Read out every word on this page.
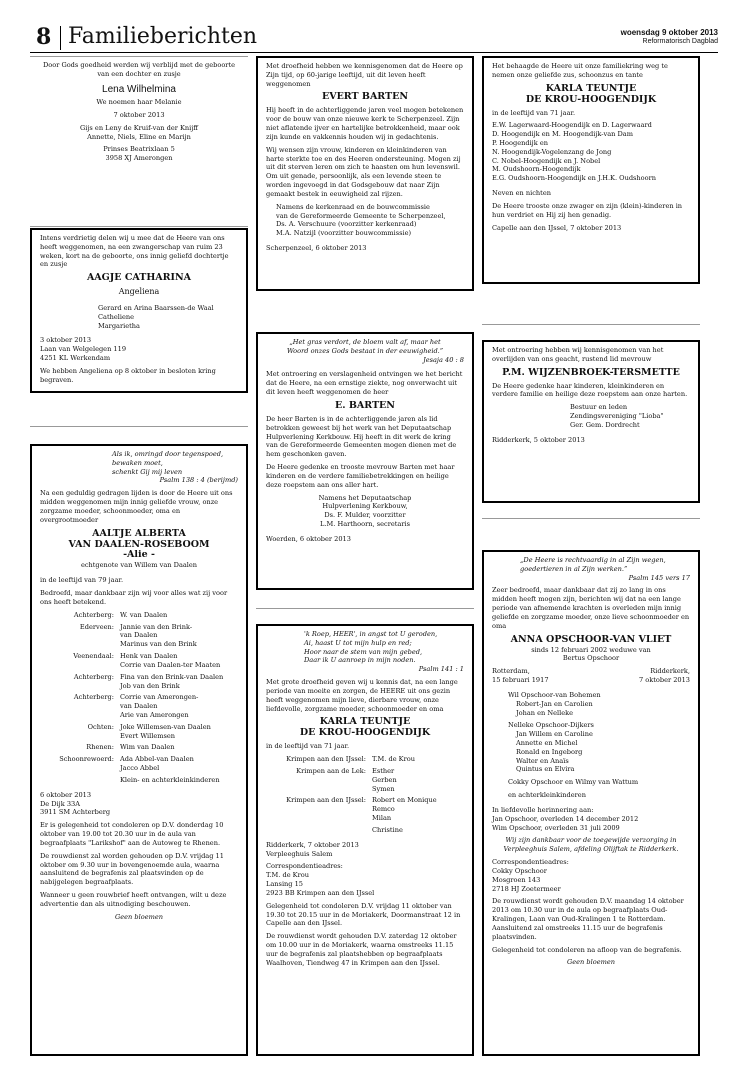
8 Familieberichten	woensdag 9 oktober 2013
Reformatorisch Dagblad

Door Gods goedheid werden wij verblijd met de geboorte van een dochter en zusje

Lena Wilhelmina

We noemen haar Melanie

7 oktober 2013

Gijs en Leny de Kruif-van der Knijff

Annette, Niels, Eline en Marijn

Prinses Beatrixlaan 5

3958 XJ Amerongen

Intens verdrietig delen wij u mee dat de Heere van ons heeft weggenomen, na een zwangerschap van ruim 23 weken, kort na de geboorte, ons innig geliefd dochtertje en zusje

AAGJE CATHARINA
Angeliena
Gerard en Arina Baarssen-de Waal
Catheliene
Margarietha
3 oktober 2013
Laan van Welgelegen 119

4251 KL Werkendam

We hebben Angeliena op 8 oktober in besloten kring begraven.

Als ik, omringd door tegenspoed,
bewaken moet,
schenkt Gij mij leven
Psalm 138 : 4 (berijmd)

Na een geduldig gedragen lijden is door de Heere uit ons midden weggenomen mijn innig geliefde vrouw, onze zorgzame moeder, schoonmoeder, oma en overgrootmoeder

AALTJE ALBERTA
VAN DAALEN-ROSEBOOM
-Alie -

echtgenote van Willem van Daalen

in de leeftijd van 79 jaar.

Bedroefd, maar dankbaar zijn wij voor alles wat zij voor ons heeft betekend.

Achterberg: W. van Daalen
Ederveen: Jannie van den Brink-
van Daalen
Marinus van den Brink
Veenendaal: Henk van Daalen
Corrie van Daalen-ter Maaten
Achterberg: Fina van den Brink-van Daalen
Job van den Brink
Achterberg: Corrie van Amerongen-
van Daalen
Arie van Amerongen
Ochten: Joke Willemsen-van Daalen
Evert Willemsen
Rhenen: Wim van Daalen
Schoonrewoerd: Ada Abbel-van Daalen
Jacco Abbel
Klein- en achterkleinkinderen
6 oktober 2013
De Dijk 33A

3911 SM Achterberg

Er is gelegenheid tot condoleren op D.V. donderdag 10 oktober van 19.00 tot 20.30 uur in de aula van begraafplaats "Larikshof" aan de Autoweg te Rhenen.

De rouwdienst zal worden gehouden op D.V. vrijdag 11 oktober om 9.30 uur in bovengenoemde aula, waarna aansluitend de begrafenis zal plaatsvinden op de nabijgelegen begraafplaats.

Wanneer u geen rouwbrief heeft ontvangen, wilt u deze advertentie dan als uitnodiging beschouwen.

Geen bloemen

Met droefheid hebben we kennisgenomen dat de Heere op Zijn tijd, op 60-jarige leeftijd, uit dit leven heeft weggenomen

EVERT BARTEN

Hij heeft in de achterliggende jaren veel mogen betekenen voor de bouw van onze nieuwe kerk te Scherpenzeel. Zijn niet aflatende ijver en hartelijke betrokkenheid, maar ook zijn kunde en vakkennis houden wij in gedachtenis.

Wij wensen zijn vrouw, kinderen en kleinkinderen van harte sterkte toe en des Heeren ondersteuning. Mogen zij uit dit sterven leren om zich te haasten om hun levenswil. Om uit genade, persoonlijk, als een levende steen te worden ingevoegd in dat Godsgebouw dat naar Zijn gemaakt bestek in eeuwigheid zal rijzen.

Namens de kerkenraad en de bouwcommissie
van de Gereformeerde Gemeente te Scherpenzeel,
Ds. A. Verschuure (voorzitter kerkenraad)
M.A. Natzijl (voorzitter bouwcommissie)

Scherpenzeel, 6 oktober 2013

„Het gras verdort, de bloem valt af, maar het
Woord onzes Gods bestaat in der eeuwigheid.”
Jesaja 40 : 8

Met ontroering en verslagenheid ontvingen we het bericht dat de Heere, na een ernstige ziekte, nog onverwacht uit dit leven heeft weggenomen de heer

E. BARTEN

De heer Barten is in de achterliggende jaren als lid betrokken geweest bij het werk van het Deputaatschap Hulpverlening Kerkbouw. Hij heeft in dit werk de kring van de Gereformeerde Gemeenten mogen dienen met de hem geschonken gaven.

De Heere gedenke en trooste mevrouw Barten met haar kinderen en de verdere familiebetrekkingen en heilige deze roepstem aan ons aller hart.

Namens het Deputaatschap
Hulpverlening Kerkbouw,
Ds. F. Mulder, voorzitter
L.M. Harthoorn, secretaris

Woerden, 6 oktober 2013

'k Roep, HEER', in angst tot U geroden,
Ai, haast U tot mijn hulp en red;
Hoor naar de stem van mijn gebed,
Daar ik U aanroep in mijn noden.
Psalm 141 : 1

Met grote droefheid geven wij u kennis dat, na een lange periode van moeite en zorgen, de HEERE uit ons gezin heeft weggenomen mijn lieve, dierbare vrouw, onze liefdevolle, zorgzame moeder, schoonmoeder en oma

KARLA TEUNTJE
DE KROU-HOOGENDIJK

in de leeftijd van 71 jaar.

Krimpen aan den IJssel: T.M. de Krou
Krimpen aan de Lek: Esther
Gerben
Symen
Krimpen aan den IJssel: Robert en Monique
Remco
Milan
Christine
Ridderkerk, 7 oktober 2013

Verpleeghuis Salem

Correspondentieadres:
T.M. de Krou
Lansing 15

2923 BB Krimpen aan den IJssel

Gelegenheid tot condoleren D.V. vrijdag 11 oktober van 19.30 tot 20.15 uur in de Moriakerk, Doormanstraat 12 in Capelle aan den IJssel.

De rouwdienst wordt gehouden D.V. zaterdag 12 oktober om 10.00 uur in de Moriakerk, waarna omstreeks 11.15 uur de begrafenis zal plaatshebben op begraafplaats Waalhoven, Tiendweg 47 in Krimpen aan den IJssel.

Het behaagde de Heere uit onze familiekring weg te nemen onze geliefde zus, schoonzus en tante

KARLA TEUNTJE
DE KROU-HOOGENDIJK

in de leeftijd van 71 jaar.

E.W. Lagerwaard-Hoogendijk en D. Lagerwaard
D. Hoogendijk en M. Hoogendijk-van Dam
P. Hoogendijk en
N. Hoogendijk-Vogelenzang de Jong
C. Nobel-Hoogendijk en J. Nobel
M. Oudshoorn-Hoogendijk
E.G. Oudshoorn-Hoogendijk en J.H.K. Oudshoorn

Neven en nichten

De Heere trooste onze zwager en zijn (klein)-kinderen in hun verdriet en Hij zij hen genadig.

Capelle aan den IJssel, 7 oktober 2013

Met ontroering hebben wij kennisgenomen van het overlijden van ons geacht, rustend lid mevrouw

P.M. WIJZENBROEK-TERSMETTE

De Heere gedenke haar kinderen, kleinkinderen en verdere familie en heilige deze roepstem aan onze harten.

Bestuur en leden
Zendingsvereniging "Lioba"
Ger. Gem. Dordrecht

Ridderkerk, 5 oktober 2013

„De Heere is rechtvaardig in al Zijn wegen,
goedertieren in al Zijn werken.”
Psalm 145 vers 17

Zeer bedroefd, maar dankbaar dat zij zo lang in ons midden heeft mogen zijn, berichten wij dat na een lange periode van afnemende krachten is overleden mijn innig geliefde en zorgzame moeder, onze lieve schoonmoeder en oma

ANNA OPSCHOOR-VAN VLIET
sinds 12 februari 2002 weduwe van

Bertus Opschoor

Rotterdam,
15 februari 1917
Ridderkerk,
7 oktober 2013
Wil Opschoor-van Bohemen
Robert-Jan en Carolien
Johan en Nelleke
Nelleke Opschoor-Dijkers
Jan Willem en Caroline
Annette en Michel
Ronald en Ingeborg
Walter en Anaïs
Quintus en Elvira
Cokky Opschoor en Wilmy van Wattum
en achterkleinkinderen
In liefdevolle herinnering aan:
Jan Opschoor, overleden 14 december 2012
Wim Opschoor, overleden 31 juli 2009

Wij zijn dankbaar voor de toegewijde verzorging in Verpleeghuis Salem, afdeling Olijftak te Ridderkerk.

Correspondentieadres:
Cokky Opschoor
Mosgroen 143
2718 HJ Zoetermeer

De rouwdienst wordt gehouden D.V. maandag 14 oktober 2013 om 10.30 uur in de aula op begraafplaats Oud-Kralingen, Laan van Oud-Kralingen 1 te Rotterdam. Aansluitend zal omstreeks 11.15 uur de begrafenis plaatsvinden.

Gelegenheid tot condoleren na afloop van de begrafenis.

Geen bloemen
